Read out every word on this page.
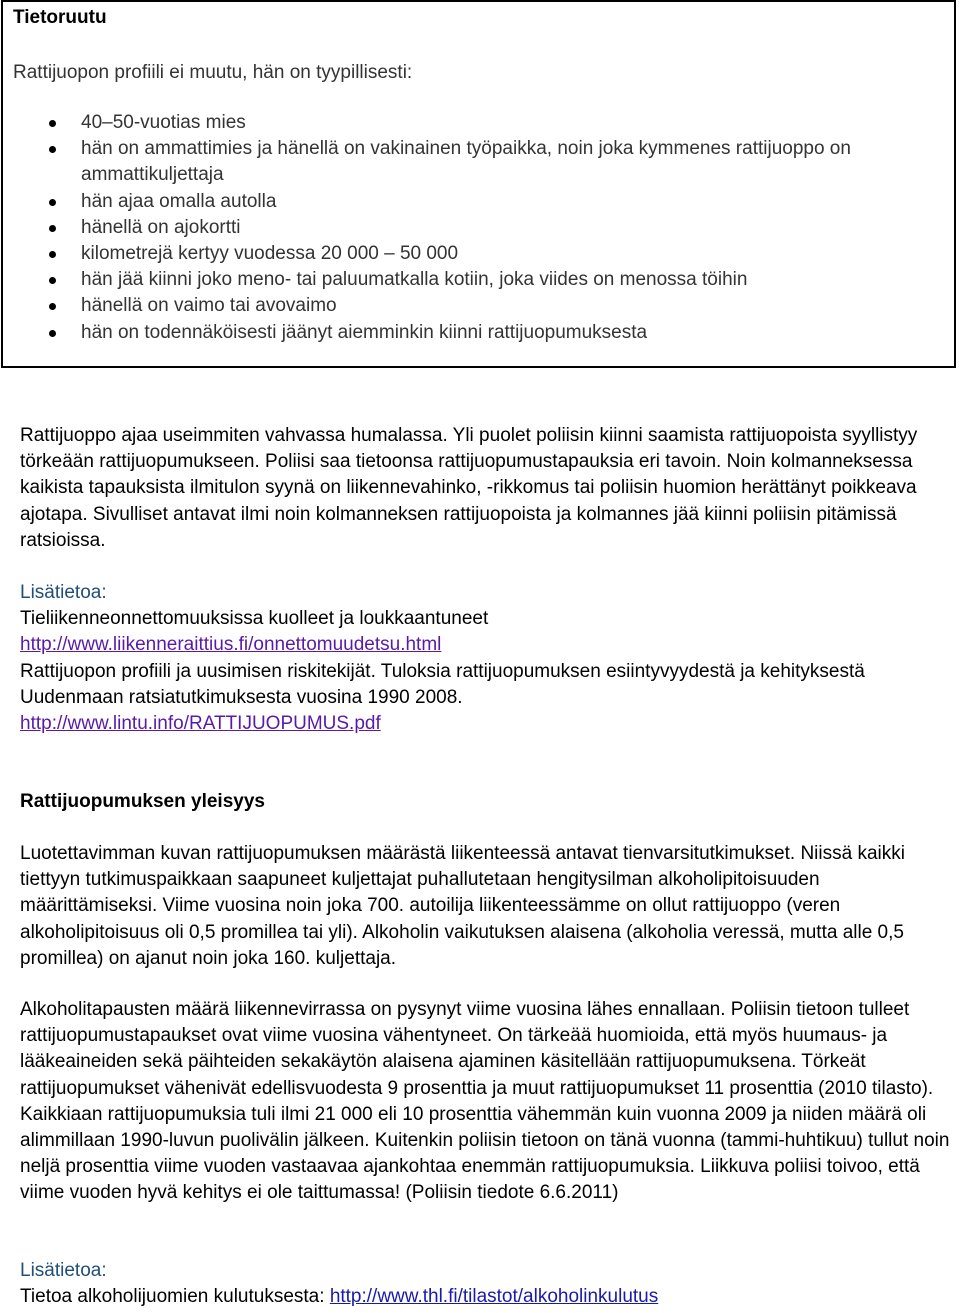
Tietoruutu
Rattijuopon profiili ei muutu, hän on tyypillisesti:
40–50-vuotias mies
hän on ammattimies ja hänellä on vakinainen työpaikka, noin joka kymmenes rattijuoppo on ammattikuljettaja
hän ajaa omalla autolla
hänellä on ajokortti
kilometrejä kertyy vuodessa 20 000 – 50 000
hän jää kiinni joko meno- tai paluumatkalla kotiin, joka viides on menossa töihin
hänellä on vaimo tai avovaimo
hän on todennäköisesti jäänyt aiemminkin kiinni rattijuopumuksesta

Rattijuoppo ajaa useimmiten vahvassa humalassa. Yli puolet poliisin kiinni saamista rattijuopoista syyllistyy törkeään rattijuopumukseen. Poliisi saa tietoonsa rattijuopumustapauksia eri tavoin. Noin kolmanneksessa kaikista tapauksista ilmitulon syynä on liikennevahinko, -rikkomus tai poliisin huomion herättänyt poikkeava ajotapa. Sivulliset antavat ilmi noin kolmanneksen rattijuopoista ja kolmannes jää kiinni poliisin pitämissä ratsioissa.

Lisätietoa:
Tieliikenneonnettomuuksissa kuolleet ja loukkaantuneet
http://www.liikenneraittius.fi/onnettomuudetsu.html
Rattijuopon profiili ja uusimisen riskitekijät. Tuloksia rattijuopumuksen esiintyvyydestä ja kehityksestä Uudenmaan ratsiatutkimuksesta vuosina 1990 2008.
http://www.lintu.info/RATTIJUOPUMUS.pdf
Rattijuopumuksen yleisyys

Luotettavimman kuvan rattijuopumuksen määrästä liikenteessä antavat tienvarsitutkimukset. Niissä kaikki tiettyyn tutkimuspaikkaan saapuneet kuljettajat puhallutetaan hengitysilman alkoholipitoisuuden määrittämiseksi. Viime vuosina noin joka 700. autoilija liikenteessämme on ollut rattijuoppo (veren alkoholipitoisuus oli 0,5 promillea tai yli). Alkoholin vaikutuksen alaisena (alkoholia veressä, mutta alle 0,5 promillea) on ajanut noin joka 160. kuljettaja.

Alkoholitapausten määrä liikennevirrassa on pysynyt viime vuosina lähes ennallaan. Poliisin tietoon tulleet rattijuopumustapaukset ovat viime vuosina vähentyneet. On tärkeää huomioida, että myös huumaus- ja lääkeaineiden sekä päihteiden sekakäytön alaisena ajaminen käsitellään rattijuopumuksena. Törkeät rattijuopumukset vähenivät edellisvuodesta 9 prosenttia ja muut rattijuopumukset 11 prosenttia (2010 tilasto). Kaikkiaan rattijuopumuksia tuli ilmi 21 000 eli 10 prosenttia vähemmän kuin vuonna 2009 ja niiden määrä oli alimmillaan 1990-luvun puolivälin jälkeen. Kuitenkin poliisin tietoon on tänä vuonna (tammi-huhtikuu) tullut noin neljä prosenttia viime vuoden vastaavaa ajankohtaa enemmän rattijuopumuksia. Liikkuva poliisi toivoo, että viime vuoden hyvä kehitys ei ole taittumassa! (Poliisin tiedote 6.6.2011)

Lisätietoa:
Tietoa alkoholijuomien kulutuksesta: http://www.thl.fi/tilastot/alkoholinkulutus
